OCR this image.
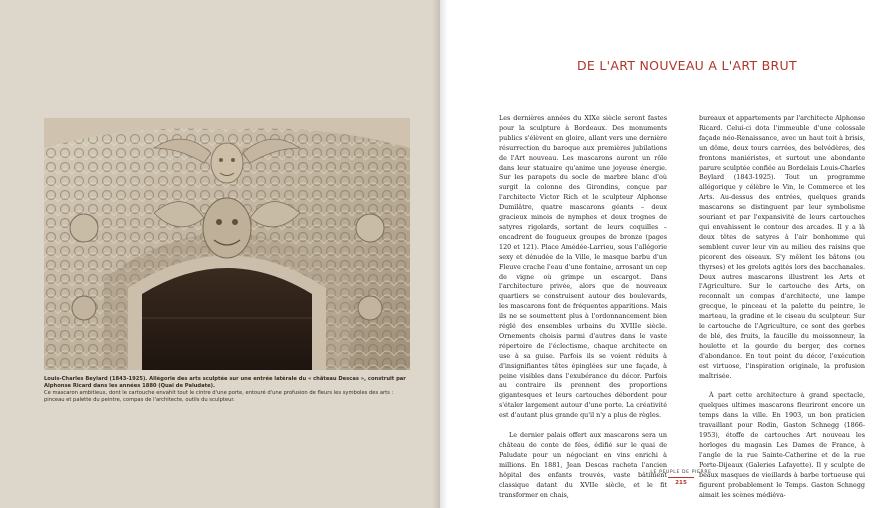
Louis-Charles Beylard (1843-1925). Allégorie des arts sculptée sur une entrée latérale du « château Descas », construit par Alphonse Ricard dans les années 1880 (Quai de Paludate).

Ce mascaron ambitieux, dont le cartouche envahit tout le cintre d'une porte, entouré d'une profusion de fleurs les symboles des arts : pinceau et palette du peintre, compas de l'architecte, outils du sculpteur.

DE L'ART NOUVEAU A L'ART BRUT

Les dernières années du XIXe siècle seront fastes pour la sculpture à Bordeaux. Des monuments publics s'élèvent en gloire, allant vers une dernière résurrection du baroque aux premières jubilations de l'Art nouveau. Les mascarons auront un rôle dans leur statuaire qu'anime une joyeuse énergie. Sur les parapets du socle de marbre blanc d'où surgit la colonne des Girondins, conçue par l'architecte Victor Rich et le sculpteur Alphonse Dumilâtre, quatre mascarons géants – deux gracieux minois de nymphes et deux trognes de satyres rigolards, sortant de leurs coquilles – encadrent de fougueux groupes de bronze (pages 120 et 121). Place Amédée-Larrieu, sous l'allégorie sexy et dénudée de la Ville, le masque barbu d'un Fleuve crache l'eau d'une fontaine, arrosant un cep de vigne où grimpe un escargot. Dans l'architecture privée, alors que de nouveaux quartiers se construisent autour des boulevards, les mascarons font de fréquentes apparitions. Mais ils ne se soumettent plus à l'ordonnancement bien réglé des ensembles urbains du XVIIIe siècle. Ornements choisis parmi d'autres dans le vaste répertoire de l'éclectisme, chaque architecte en use à sa guise. Parfois ils se voient réduits à d'insignifiantes têtes épinglées sur une façade, à peine visibles dans l'exubérance du décor. Parfois au contraire ils prennent des proportions gigantesques et leurs cartouches débordent pour s'étaler largement autour d'une porte. La créativité est d'autant plus grande qu'il n'y a plus de règles.

Le dernier palais offert aux mascarons sera un château de conte de fées, édifié sur le quai de Paludate pour un négociant en vins enrichi à millions. En 1881, Jean Descas racheta l'ancien hôpital des enfants trouvés, vaste bâtiment classique datant du XVIIe siècle, et le fit transformer en chais,

bureaux et appartements par l'architecte Alphonse Ricard. Celui-ci dota l'immeuble d'une colossale façade néo-Renaissance, avec un haut toit à brisis, un dôme, deux tours carrées, des belvédères, des frontons maniéristes, et surtout une abondante parure sculptée confiée au Bordelais Louis-Charles Beylard (1843-1925). Tout un programme allégorique y célèbre le Vin, le Commerce et les Arts. Au-dessus des entrées, quelques grands mascarons se distinguent par leur symbolisme souriant et par l'expansivité de leurs cartouches qui envahissent le contour des arcades. Il y a là deux têtes de satyres à l'air bonhomme qui semblent cuver leur vin au milieu des raisins que picorent des oiseaux. S'y mêlent les bâtons (ou thyrses) et les grelots agités lors des bacchanales. Deux autres mascarons illustrent les Arts et l'Agriculture. Sur le cartouche des Arts, on reconnaît un compas d'architecte, une lampe grecque, le pinceau et la palette du peintre, le marteau, la gradine et le ciseau du sculpteur. Sur le cartouche de l'Agriculture, ce sont des gerbes de blé, des fruits, la faucille du moissonneur, la houlette et la gourde du berger, des cornes d'abondance. En tout point du décor, l'exécution est virtuose, l'inspiration originale, la profusion maîtrisée.

À part cette architecture à grand spectacle, quelques ultimes mascarons fleuriront encore un temps dans la ville. En 1903, un bon praticien travaillant pour Rodin, Gaston Schnegg (1866-1953), étoffe de cartouches Art nouveau les horloges du magasin Les Dames de France, à l'angle de la rue Sainte-Catherine et de la rue Porte-Dijeaux (Galeries Lafayette). Il y sculpte de beaux masques de vieillards à barbe tortueuse qui figurent probablement le Temps. Gaston Schnegg aimait les scènes médiéva-

LE PEUPLE DE PIERRE
215
